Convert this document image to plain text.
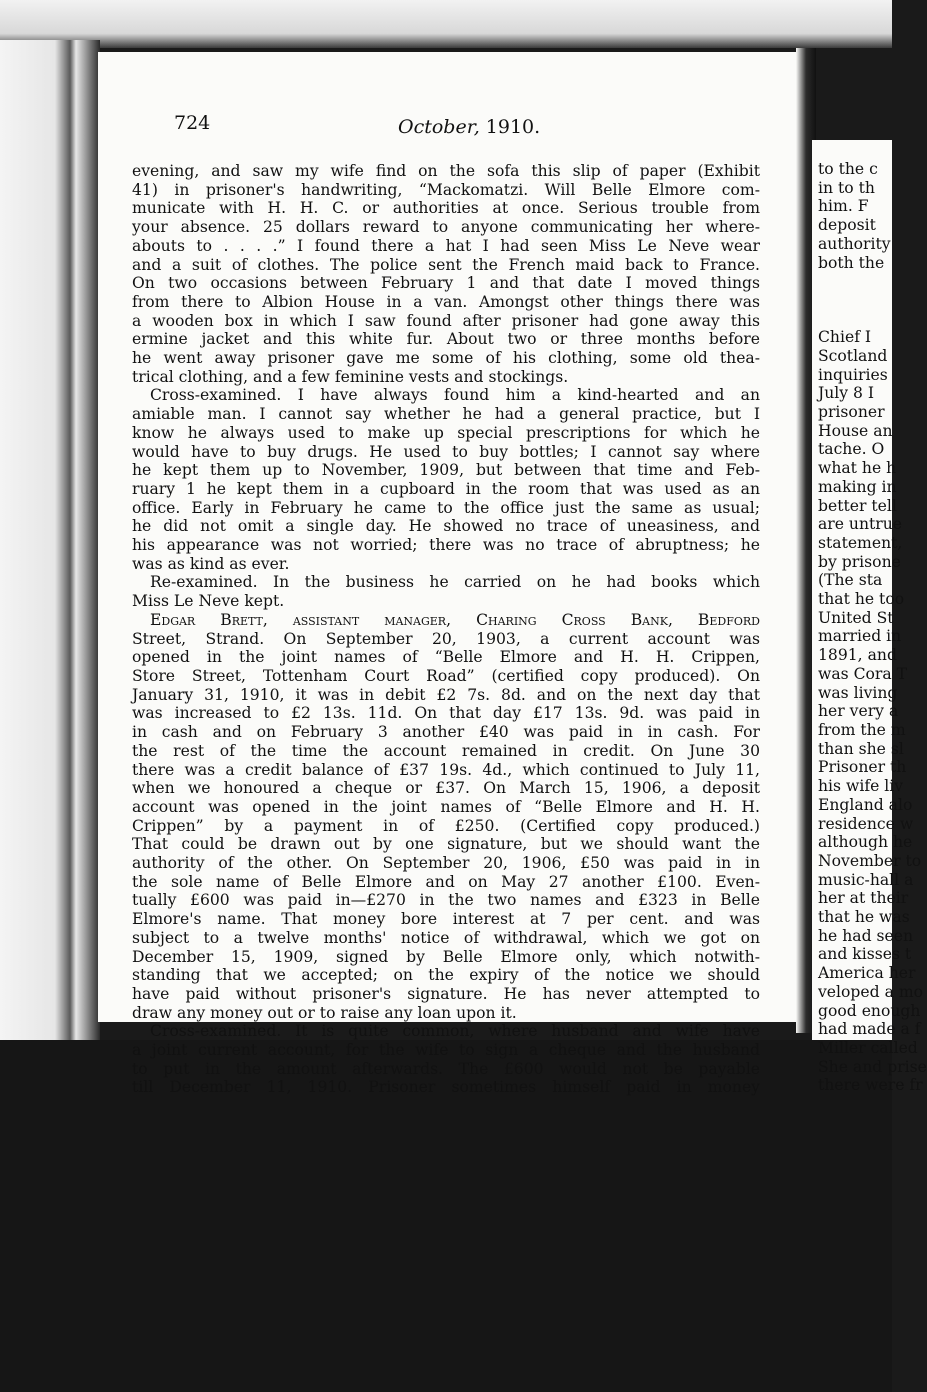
724	October, 1910.
evening, and saw my wife find on the sofa this slip of paper (Exhibit
41) in prisoner's handwriting, “Mackomatzi. Will Belle Elmore com-
municate with H. H. C. or authorities at once. Serious trouble from
your absence. 25 dollars reward to anyone communicating her where-
abouts to . . . .” I found there a hat I had seen Miss Le Neve wear
and a suit of clothes. The police sent the French maid back to France.
On two occasions between February 1 and that date I moved things
from there to Albion House in a van. Amongst other things there was
a wooden box in which I saw found after prisoner had gone away this
ermine jacket and this white fur. About two or three months before
he went away prisoner gave me some of his clothing, some old thea-
trical clothing, and a few feminine vests and stockings.
Cross-examined. I have always found him a kind-hearted and an
amiable man. I cannot say whether he had a general practice, but I
know he always used to make up special prescriptions for which he
would have to buy drugs. He used to buy bottles; I cannot say where
he kept them up to November, 1909, but between that time and Feb-
ruary 1 he kept them in a cupboard in the room that was used as an
office. Early in February he came to the office just the same as usual;
he did not omit a single day. He showed no trace of uneasiness, and
his appearance was not worried; there was no trace of abruptness; he
was as kind as ever.
Re-examined. In the business he carried on he had books which
Miss Le Neve kept.
Edgar Brett, assistant manager, Charing Cross Bank, Bedford
Street, Strand. On September 20, 1903, a current account was
opened in the joint names of “Belle Elmore and H. H. Crippen,
Store Street, Tottenham Court Road” (certified copy produced). On
January 31, 1910, it was in debit £2 7s. 8d. and on the next day that
was increased to £2 13s. 11d. On that day £17 13s. 9d. was paid in
in cash and on February 3 another £40 was paid in in cash. For
the rest of the time the account remained in credit. On June 30
there was a credit balance of £37 19s. 4d., which continued to July 11,
when we honoured a cheque or £37. On March 15, 1906, a deposit
account was opened in the joint names of “Belle Elmore and H. H.
Crippen” by a payment in of £250. (Certified copy produced.)
That could be drawn out by one signature, but we should want the
authority of the other. On September 20, 1906, £50 was paid in in
the sole name of Belle Elmore and on May 27 another £100. Even-
tually £600 was paid in—£270 in the two names and £323 in Belle
Elmore's name. That money bore interest at 7 per cent. and was
subject to a twelve months' notice of withdrawal, which we got on
December 15, 1909, signed by Belle Elmore only, which notwith-
standing that we accepted; on the expiry of the notice we should
have paid without prisoner's signature. He has never attempted to
draw any money out or to raise any loan upon it.
Cross-examined. It is quite common, where husband and wife have
a joint current account, for the wife to sign a cheque and the husband
to put in the amount afterwards. The £600 would not be payable
till December 11, 1910. Prisoner sometimes himself paid in money
to the c
in to th
him. F
deposit
authority
both the
Chief I
Scotland
inquiries
July 8 I
prisoner
House an
tache. O
what he h
making in
better tell
are untrue
statement,
by prisone
(The sta
that he too
United St
married in
1891, and
was Cora T
was living
her very a
from the m
than she sl
Prisoner th
his wife liv
England alo
residence w
although he
November to
music-hall a
her at their
that he was
he had seen
and kisses t
America her
veloped a mo
good enough
had made a f
Miller called
She and prise
there were fr
